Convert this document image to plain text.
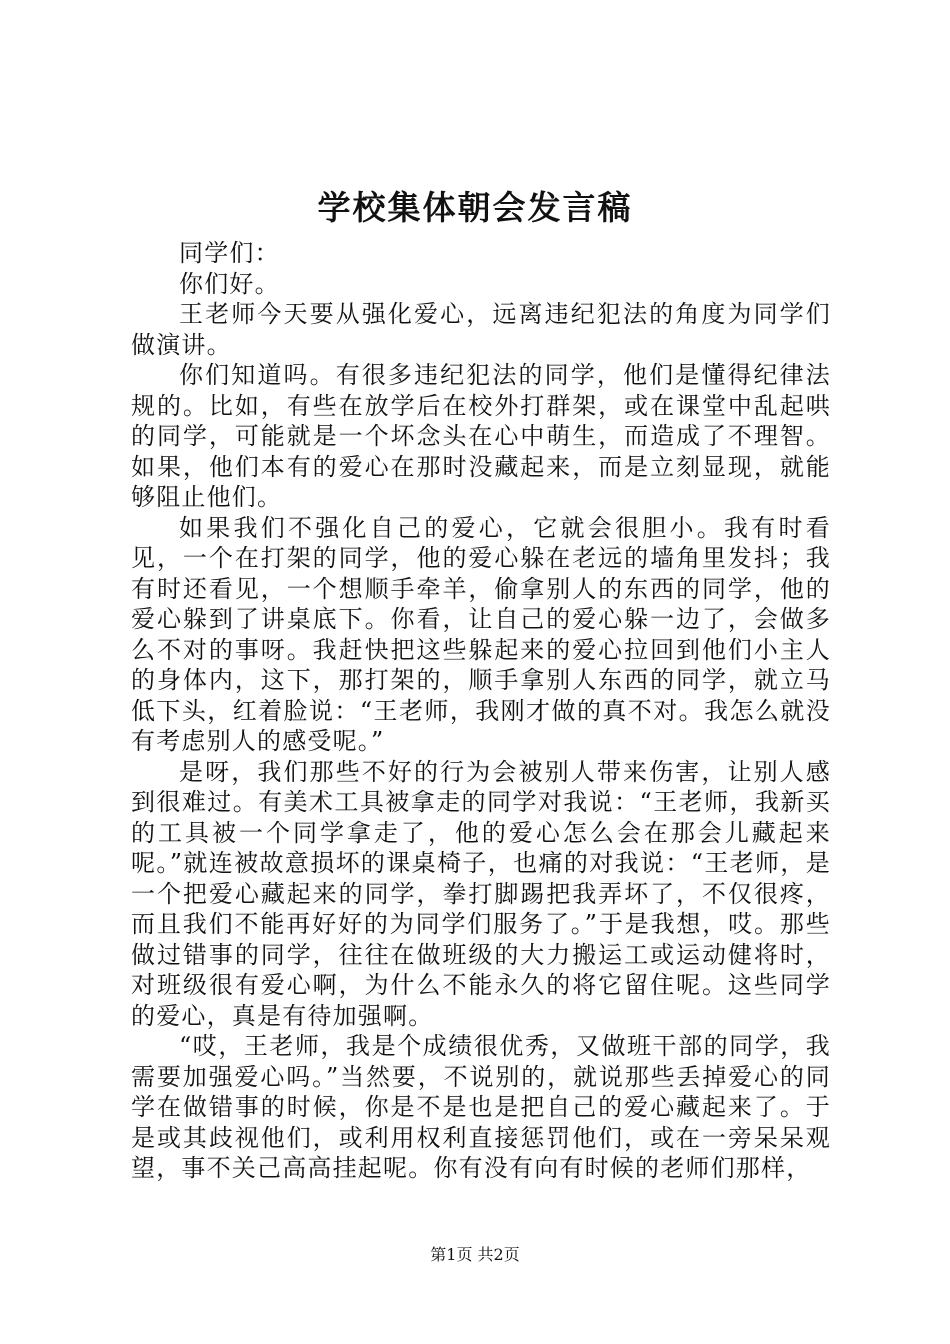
学校集体朝会发言稿

同学们：

你们好。

王老师今天要从强化爱心，远离违纪犯法的角度为同学们做演讲。

你们知道吗。有很多违纪犯法的同学，他们是懂得纪律法规的。比如，有些在放学后在校外打群架，或在课堂中乱起哄的同学，可能就是一个坏念头在心中萌生，而造成了不理智。如果，他们本有的爱心在那时没藏起来，而是立刻显现，就能够阻止他们。

如果我们不强化自己的爱心，它就会很胆小。我有时看见，一个在打架的同学，他的爱心躲在老远的墙角里发抖；我有时还看见，一个想顺手牵羊，偷拿别人的东西的同学，他的爱心躲到了讲桌底下。你看，让自己的爱心躲一边了，会做多么不对的事呀。我赶快把这些躲起来的爱心拉回到他们小主人的身体内，这下，那打架的，顺手拿别人东西的同学，就立马低下头，红着脸说：“王老师，我刚才做的真不对。我怎么就没有考虑别人的感受呢。”

是呀，我们那些不好的行为会被别人带来伤害，让别人感到很难过。有美术工具被拿走的同学对我说：“王老师，我新买的工具被一个同学拿走了，他的爱心怎么会在那会儿藏起来呢。”就连被故意损坏的课桌椅子，也痛的对我说：“王老师，是一个把爱心藏起来的同学，拳打脚踢把我弄坏了，不仅很疼，而且我们不能再好好的为同学们服务了。”于是我想，哎。那些做过错事的同学，往往在做班级的大力搬运工或运动健将时，对班级很有爱心啊，为什么不能永久的将它留住呢。这些同学的爱心，真是有待加强啊。

“哎，王老师，我是个成绩很优秀，又做班干部的同学，我需要加强爱心吗。”当然要，不说别的，就说那些丢掉爱心的同学在做错事的时候，你是不是也是把自己的爱心藏起来了。于是或其歧视他们，或利用权利直接惩罚他们，或在一旁呆呆观望，事不关己高高挂起呢。你有没有向有时候的老师们那样，

第1页 共2页
